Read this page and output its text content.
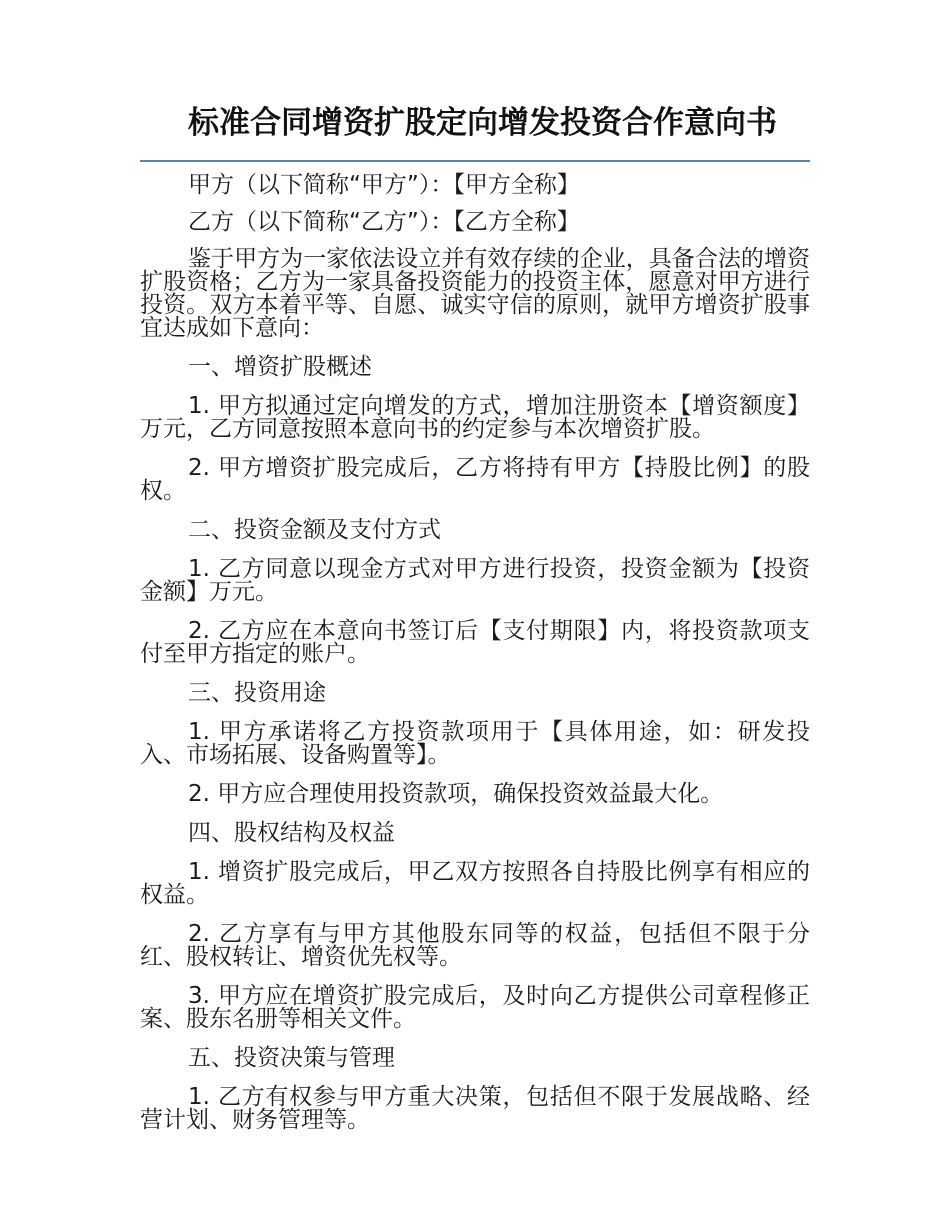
标准合同增资扩股定向增发投资合作意向书

甲方（以下简称“甲方”）：【甲方全称】

乙方（以下简称“乙方”）：【乙方全称】

鉴于甲方为一家依法设立并有效存续的企业，具备合法的增资扩股资格；乙方为一家具备投资能力的投资主体，愿意对甲方进行投资。双方本着平等、自愿、诚实守信的原则，就甲方增资扩股事宜达成如下意向：

一、增资扩股概述

1. 甲方拟通过定向增发的方式，增加注册资本【增资额度】万元，乙方同意按照本意向书的约定参与本次增资扩股。

2. 甲方增资扩股完成后，乙方将持有甲方【持股比例】的股权。

二、投资金额及支付方式

1. 乙方同意以现金方式对甲方进行投资，投资金额为【投资金额】万元。

2. 乙方应在本意向书签订后【支付期限】内，将投资款项支付至甲方指定的账户。

三、投资用途

1. 甲方承诺将乙方投资款项用于【具体用途，如：研发投入、市场拓展、设备购置等】。

2. 甲方应合理使用投资款项，确保投资效益最大化。

四、股权结构及权益

1. 增资扩股完成后，甲乙双方按照各自持股比例享有相应的权益。

2. 乙方享有与甲方其他股东同等的权益，包括但不限于分红、股权转让、增资优先权等。

3. 甲方应在增资扩股完成后，及时向乙方提供公司章程修正案、股东名册等相关文件。

五、投资决策与管理

1. 乙方有权参与甲方重大决策，包括但不限于发展战略、经营计划、财务管理等。
